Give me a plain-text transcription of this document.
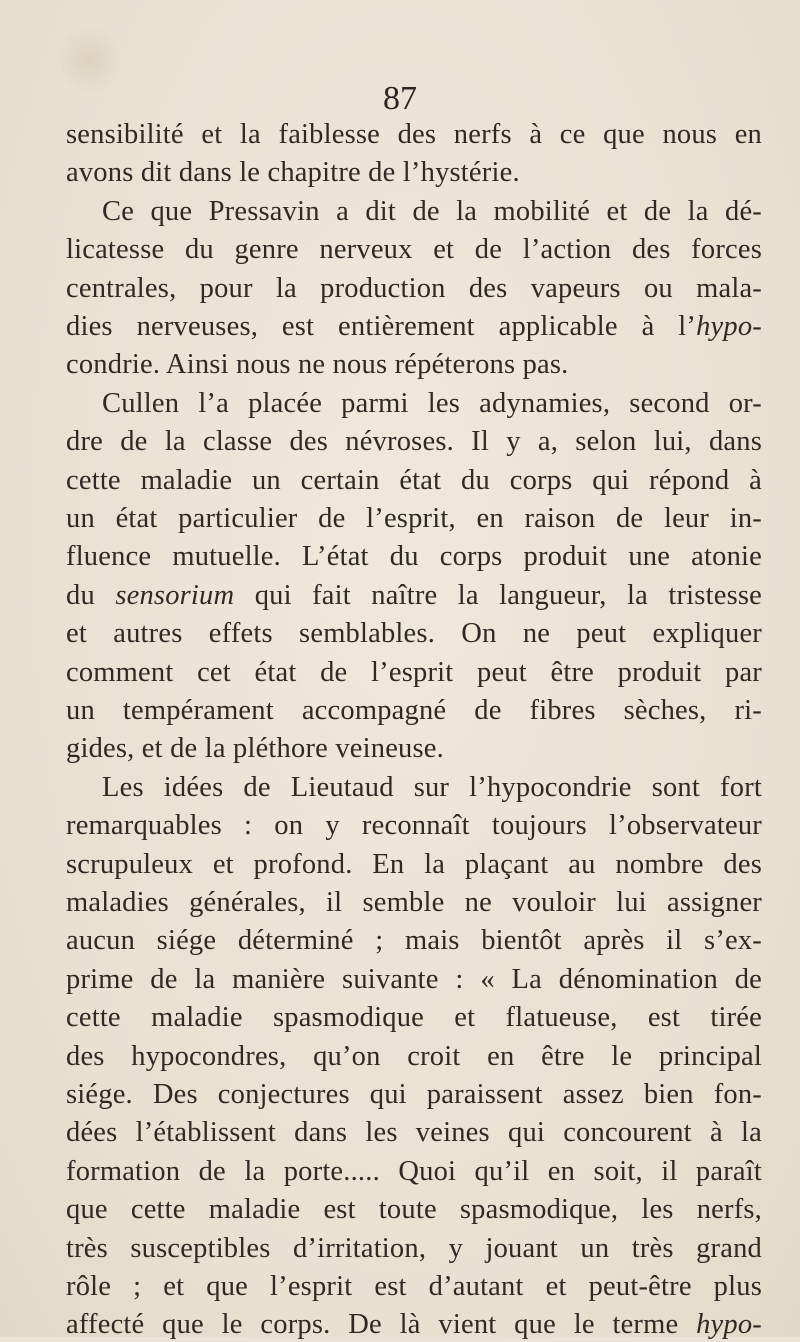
87
sensibilité et la faiblesse des nerfs à ce que nous en
avons dit dans le chapitre de l’hystérie.
Ce que Pressavin a dit de la mobilité et de la dé-
licatesse du genre nerveux et de l’action des forces
centrales, pour la production des vapeurs ou mala-
dies nerveuses, est entièrement applicable à l’hypo-
condrie. Ainsi nous ne nous répéterons pas.
Cullen l’a placée parmi les adynamies, second or-
dre de la classe des névroses. Il y a, selon lui, dans
cette maladie un certain état du corps qui répond à
un état particulier de l’esprit, en raison de leur in-
fluence mutuelle. L’état du corps produit une atonie
du sensorium qui fait naître la langueur, la tristesse
et autres effets semblables. On ne peut expliquer
comment cet état de l’esprit peut être produit par
un tempérament accompagné de fibres sèches, ri-
gides, et de la pléthore veineuse.
Les idées de Lieutaud sur l’hypocondrie sont fort
remarquables : on y reconnaît toujours l’observateur
scrupuleux et profond. En la plaçant au nombre des
maladies générales, il semble ne vouloir lui assigner
aucun siége déterminé ; mais bientôt après il s’ex-
prime de la manière suivante : « La dénomination de
cette maladie spasmodique et flatueuse, est tirée
des hypocondres, qu’on croit en être le principal
siége. Des conjectures qui paraissent assez bien fon-
dées l’établissent dans les veines qui concourent à la
formation de la porte..... Quoi qu’il en soit, il paraît
que cette maladie est toute spasmodique, les nerfs,
très susceptibles d’irritation, y jouant un très grand
rôle ; et que l’esprit est d’autant et peut-être plus
affecté que le corps. De là vient que le terme hypo-
